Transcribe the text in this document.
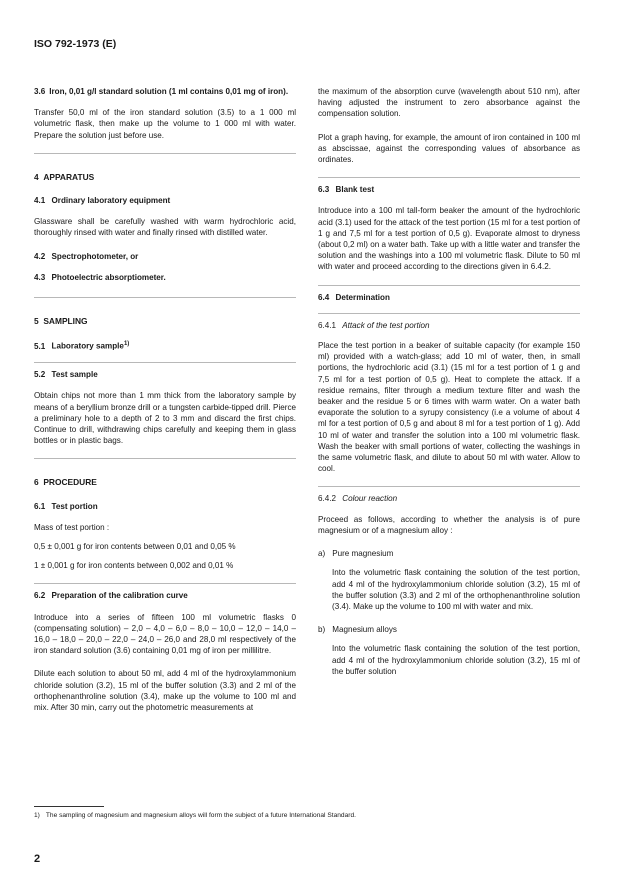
ISO 792-1973 (E)
3.6 Iron, 0,01 g/l standard solution (1 ml contains 0,01 mg of iron).

Transfer 50,0 ml of the iron standard solution (3.5) to a 1 000 ml volumetric flask, then make up the volume to 1 000 ml with water. Prepare the solution just before use.

4 APPARATUS
4.1 Ordinary laboratory equipment

Glassware shall be carefully washed with warm hydrochloric acid, thoroughly rinsed with water and finally rinsed with distilled water.

4.2 Spectrophotometer, or
4.3 Photoelectric absorptiometer.
5 SAMPLING
5.1 Laboratory sample$^{1)}$
5.2 Test sample

Obtain chips not more than 1 mm thick from the laboratory sample by means of a beryllium bronze drill or a tungsten carbide-tipped drill. Pierce a preliminary hole to a depth of 2 to 3 mm and discard the first chips. Continue to drill, withdrawing chips carefully and keeping them in glass bottles or in plastic bags.

6 PROCEDURE
6.1 Test portion

Mass of test portion :

0,5 ± 0,001 g for iron contents between 0,01 and 0,05 %

1 ± 0,001 g for iron contents between 0,002 and 0,01 %

6.2 Preparation of the calibration curve

Introduce into a series of fifteen 100 ml volumetric flasks 0 (compensating solution) – 2,0 – 4,0 – 6,0 – 8,0 – 10,0 – 12,0 – 14,0 – 16,0 – 18,0 – 20,0 – 22,0 – 24,0 – 26,0 and 28,0 ml respectively of the iron standard solution (3.6) containing 0,01 mg of iron per millilitre.

Dilute each solution to about 50 ml, add 4 ml of the hydroxylammonium chloride solution (3.2), 15 ml of the buffer solution (3.3) and 2 ml of the orthophenanthroline solution (3.4), make up the volume to 100 ml and mix. After 30 min, carry out the photometric measurements at

the maximum of the absorption curve (wavelength about 510 nm), after having adjusted the instrument to zero absorbance against the compensation solution.

Plot a graph having, for example, the amount of iron contained in 100 ml as abscissae, against the corresponding values of absorbance as ordinates.

6.3 Blank test

Introduce into a 100 ml tall-form beaker the amount of the hydrochloric acid (3.1) used for the attack of the test portion (15 ml for a test portion of 1 g and 7,5 ml for a test portion of 0,5 g). Evaporate almost to dryness (about 0,2 ml) on a water bath. Take up with a little water and transfer the solution and the washings into a 100 ml volumetric flask. Dilute to 50 ml with water and proceed according to the directions given in 6.4.2.

6.4 Determination
6.4.1 Attack of the test portion

Place the test portion in a beaker of suitable capacity (for example 150 ml) provided with a watch-glass; add 10 ml of water, then, in small portions, the hydrochloric acid (3.1) (15 ml for a test portion of 1 g and 7,5 ml for a test portion of 0,5 g). Heat to complete the attack. If a residue remains, filter through a medium texture filter and wash the beaker and the residue 5 or 6 times with warm water. On a water bath evaporate the solution to a syrupy consistency (i.e a volume of about 4 ml for a test portion of 0,5 g and about 8 ml for a test portion of 1 g). Add 10 ml of water and transfer the solution into a 100 ml volumetric flask. Wash the beaker with small portions of water, collecting the washings in the same volumetric flask, and dilute to about 50 ml with water. Allow to cool.

6.4.2 Colour reaction

Proceed as follows, according to whether the analysis is of pure magnesium or of a magnesium alloy :

a) Pure magnesium

Into the volumetric flask containing the solution of the test portion, add 4 ml of the hydroxylammonium chloride solution (3.2), 15 ml of the buffer solution (3.3) and 2 ml of the orthophenanthroline solution (3.4). Make up the volume to 100 ml with water and mix.

b) Magnesium alloys

Into the volumetric flask containing the solution of the test portion, add 4 ml of the hydroxylammonium chloride solution (3.2), 15 ml of the buffer solution

1) The sampling of magnesium and magnesium alloys will form the subject of a future International Standard.
2
